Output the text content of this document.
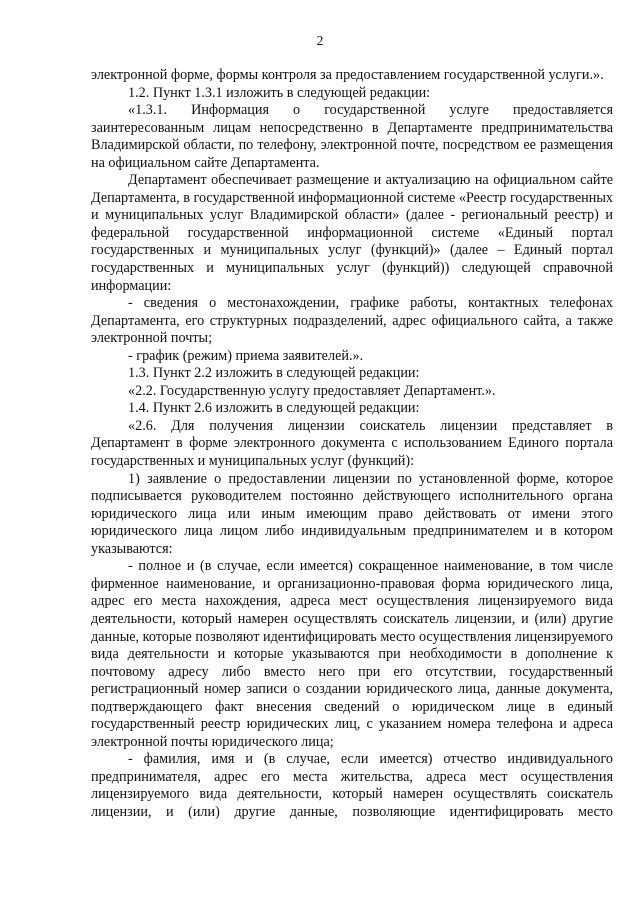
2

электронной форме, формы контроля за предоставлением государственной услуги.».

1.2. Пункт 1.3.1 изложить в следующей редакции:

«1.3.1. Информация о государственной услуге предоставляется заинтересованным лицам непосредственно в Департаменте предпринимательства Владимирской области, по телефону, электронной почте, посредством ее размещения на официальном сайте Департамента.

Департамент обеспечивает размещение и актуализацию на официальном сайте Департамента, в государственной информационной системе «Реестр государственных и муниципальных услуг Владимирской области» (далее - региональный реестр) и федеральной государственной информационной системе «Единый портал государственных и муниципальных услуг (функций)» (далее – Единый портал государственных и муниципальных услуг (функций)) следующей справочной информации:

- сведения о местонахождении, графике работы, контактных телефонах Департамента, его структурных подразделений, адрес официального сайта, а также электронной почты;

- график (режим) приема заявителей.».

1.3. Пункт 2.2 изложить в следующей редакции:

«2.2. Государственную услугу предоставляет Департамент.».

1.4. Пункт 2.6 изложить в следующей редакции:

«2.6. Для получения лицензии соискатель лицензии представляет в Департамент в форме электронного документа с использованием Единого портала государственных и муниципальных услуг (функций):

1) заявление о предоставлении лицензии по установленной форме, которое подписывается руководителем постоянно действующего исполнительного органа юридического лица или иным имеющим право действовать от имени этого юридического лица лицом либо индивидуальным предпринимателем и в котором указываются:

- полное и (в случае, если имеется) сокращенное наименование, в том числе фирменное наименование, и организационно-правовая форма юридического лица, адрес его места нахождения, адреса мест осуществления лицензируемого вида деятельности, который намерен осуществлять соискатель лицензии, и (или) другие данные, которые позволяют идентифицировать место осуществления лицензируемого вида деятельности и которые указываются при необходимости в дополнение к почтовому адресу либо вместо него при его отсутствии, государственный регистрационный номер записи о создании юридического лица, данные документа, подтверждающего факт внесения сведений о юридическом лице в единый государственный реестр юридических лиц, с указанием номера телефона и адреса электронной почты юридического лица;

- фамилия, имя и (в случае, если имеется) отчество индивидуального предпринимателя, адрес его места жительства, адреса мест осуществления лицензируемого вида деятельности, который намерен осуществлять соискатель лицензии, и (или) другие данные, позволяющие идентифицировать место
